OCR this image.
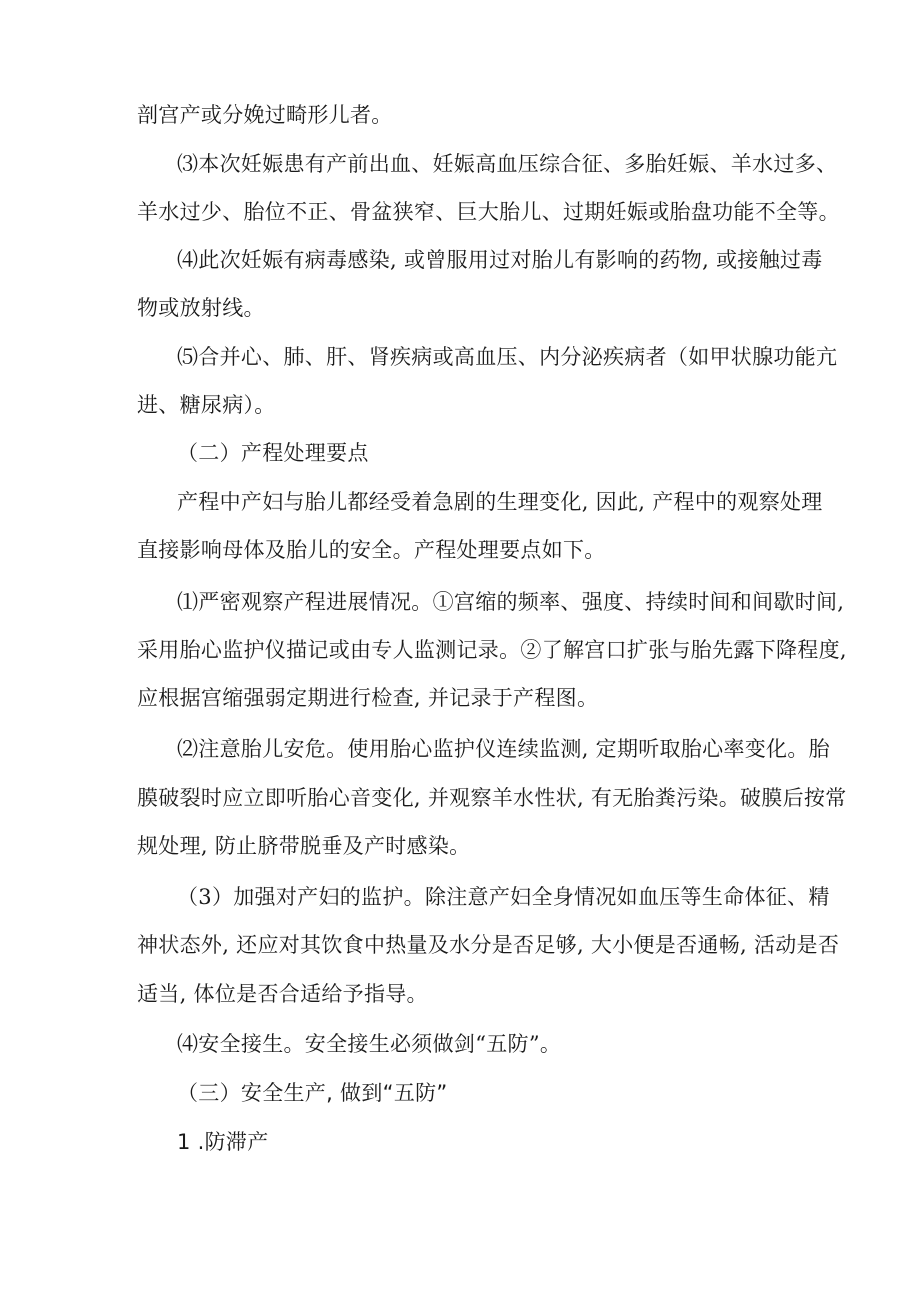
剖宫产或分娩过畸形儿者。
⑶本次妊娠患有产前出血、妊娠高血压综合征、多胎妊娠、羊水过多、
羊水过少、胎位不正、骨盆狭窄、巨大胎儿、过期妊娠或胎盘功能不全等。
⑷此次妊娠有病毒感染, 或曾服用过对胎儿有影响的药物, 或接触过毒
物或放射线。
⑸合并心、肺、肝、肾疾病或高血压、内分泌疾病者（如甲状腺功能亢
进、糖尿病）。
（二）产程处理要点
产程中产妇与胎儿都经受着急剧的生理变化, 因此, 产程中的观察处理
直接影响母体及胎儿的安全。产程处理要点如下。
⑴严密观察产程进展情况。①宫缩的频率、强度、持续时间和间歇时间,
采用胎心监护仪描记或由专人监测记录。②了解宫口扩张与胎先露下降程度,
应根据宫缩强弱定期进行检查, 并记录于产程图。
⑵注意胎儿安危。使用胎心监护仪连续监测, 定期听取胎心率变化。胎
膜破裂时应立即听胎心音变化, 并观察羊水性状, 有无胎粪污染。破膜后按常
规处理, 防止脐带脱垂及产时感染。
（3）加强对产妇的监护。除注意产妇全身情况如血压等生命体征、精
神状态外, 还应对其饮食中热量及水分是否足够, 大小便是否通畅, 活动是否
适当, 体位是否合适给予指导。
⑷安全接生。安全接生必须做剑“五防”。
（三）安全生产, 做到“五防”
1 .防滞产
